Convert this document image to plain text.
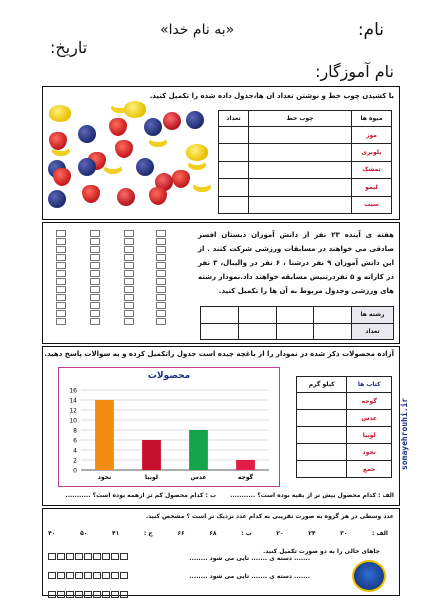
نام:
«به نام خدا»
تاریخ:
نام آموزگار:
با کشیدن چوب خط و نوشتن تعداد ان ها،جدول داده شده را تکمیل کنید.
تعداد	چوب خط	میوه ها
		موز
		بلوبری
		تمشک
		لیمو
		سیب
هفته ی آینده ۲۳ نفر از دانش آموزان دبستان افسر صادقی می خواهند در مسابقات ورزشی شرکت کنند . از این دانش آموزان ۹ نفر درشنا ، ۶ نفر در والیبال، ۳ نفر در کاراته و ۵ نفردرتنیس مسابقه خواهند داد.نمودار رشته های ورزشی وجدول مربوط به آن ها را تکمیل کنید.
				رشته ها
				تعداد
آزاده محصولات ذکر شده در نمودار را از باغچه چیده است جدول راتکمیل کرده و به سوالات پاسخ دهید.
محصولات
0
2
4
6
8
10
12
14
16
نخود	لوبیا	عدس	گوجه
کیلو گرم	کتاب ها
	گوجه
	عدس
	لوبیا
	نخود
	جمع
الف : کدام محصول بیش تر از بقیه بوده است؟ ...........
ب : کدام محصول کم تر ازهمه بوده است؟ ...........
عدد وسطی در هر گروه به صورت تقریبی به کدام عدد نزدیک تر است ؟ مشخص کنید.
الف :
۳۰
۲۴
۲۰
ب :
۶۸
۶۶
ج :
۴۱
۵۰
۴۰
جاهای خالی را به دو صورت تکمیل کنید.
....... دسته ی ....... تایی می شود ........
....... دسته ی ....... تایی می شود ........
somayehrouhi.ir
